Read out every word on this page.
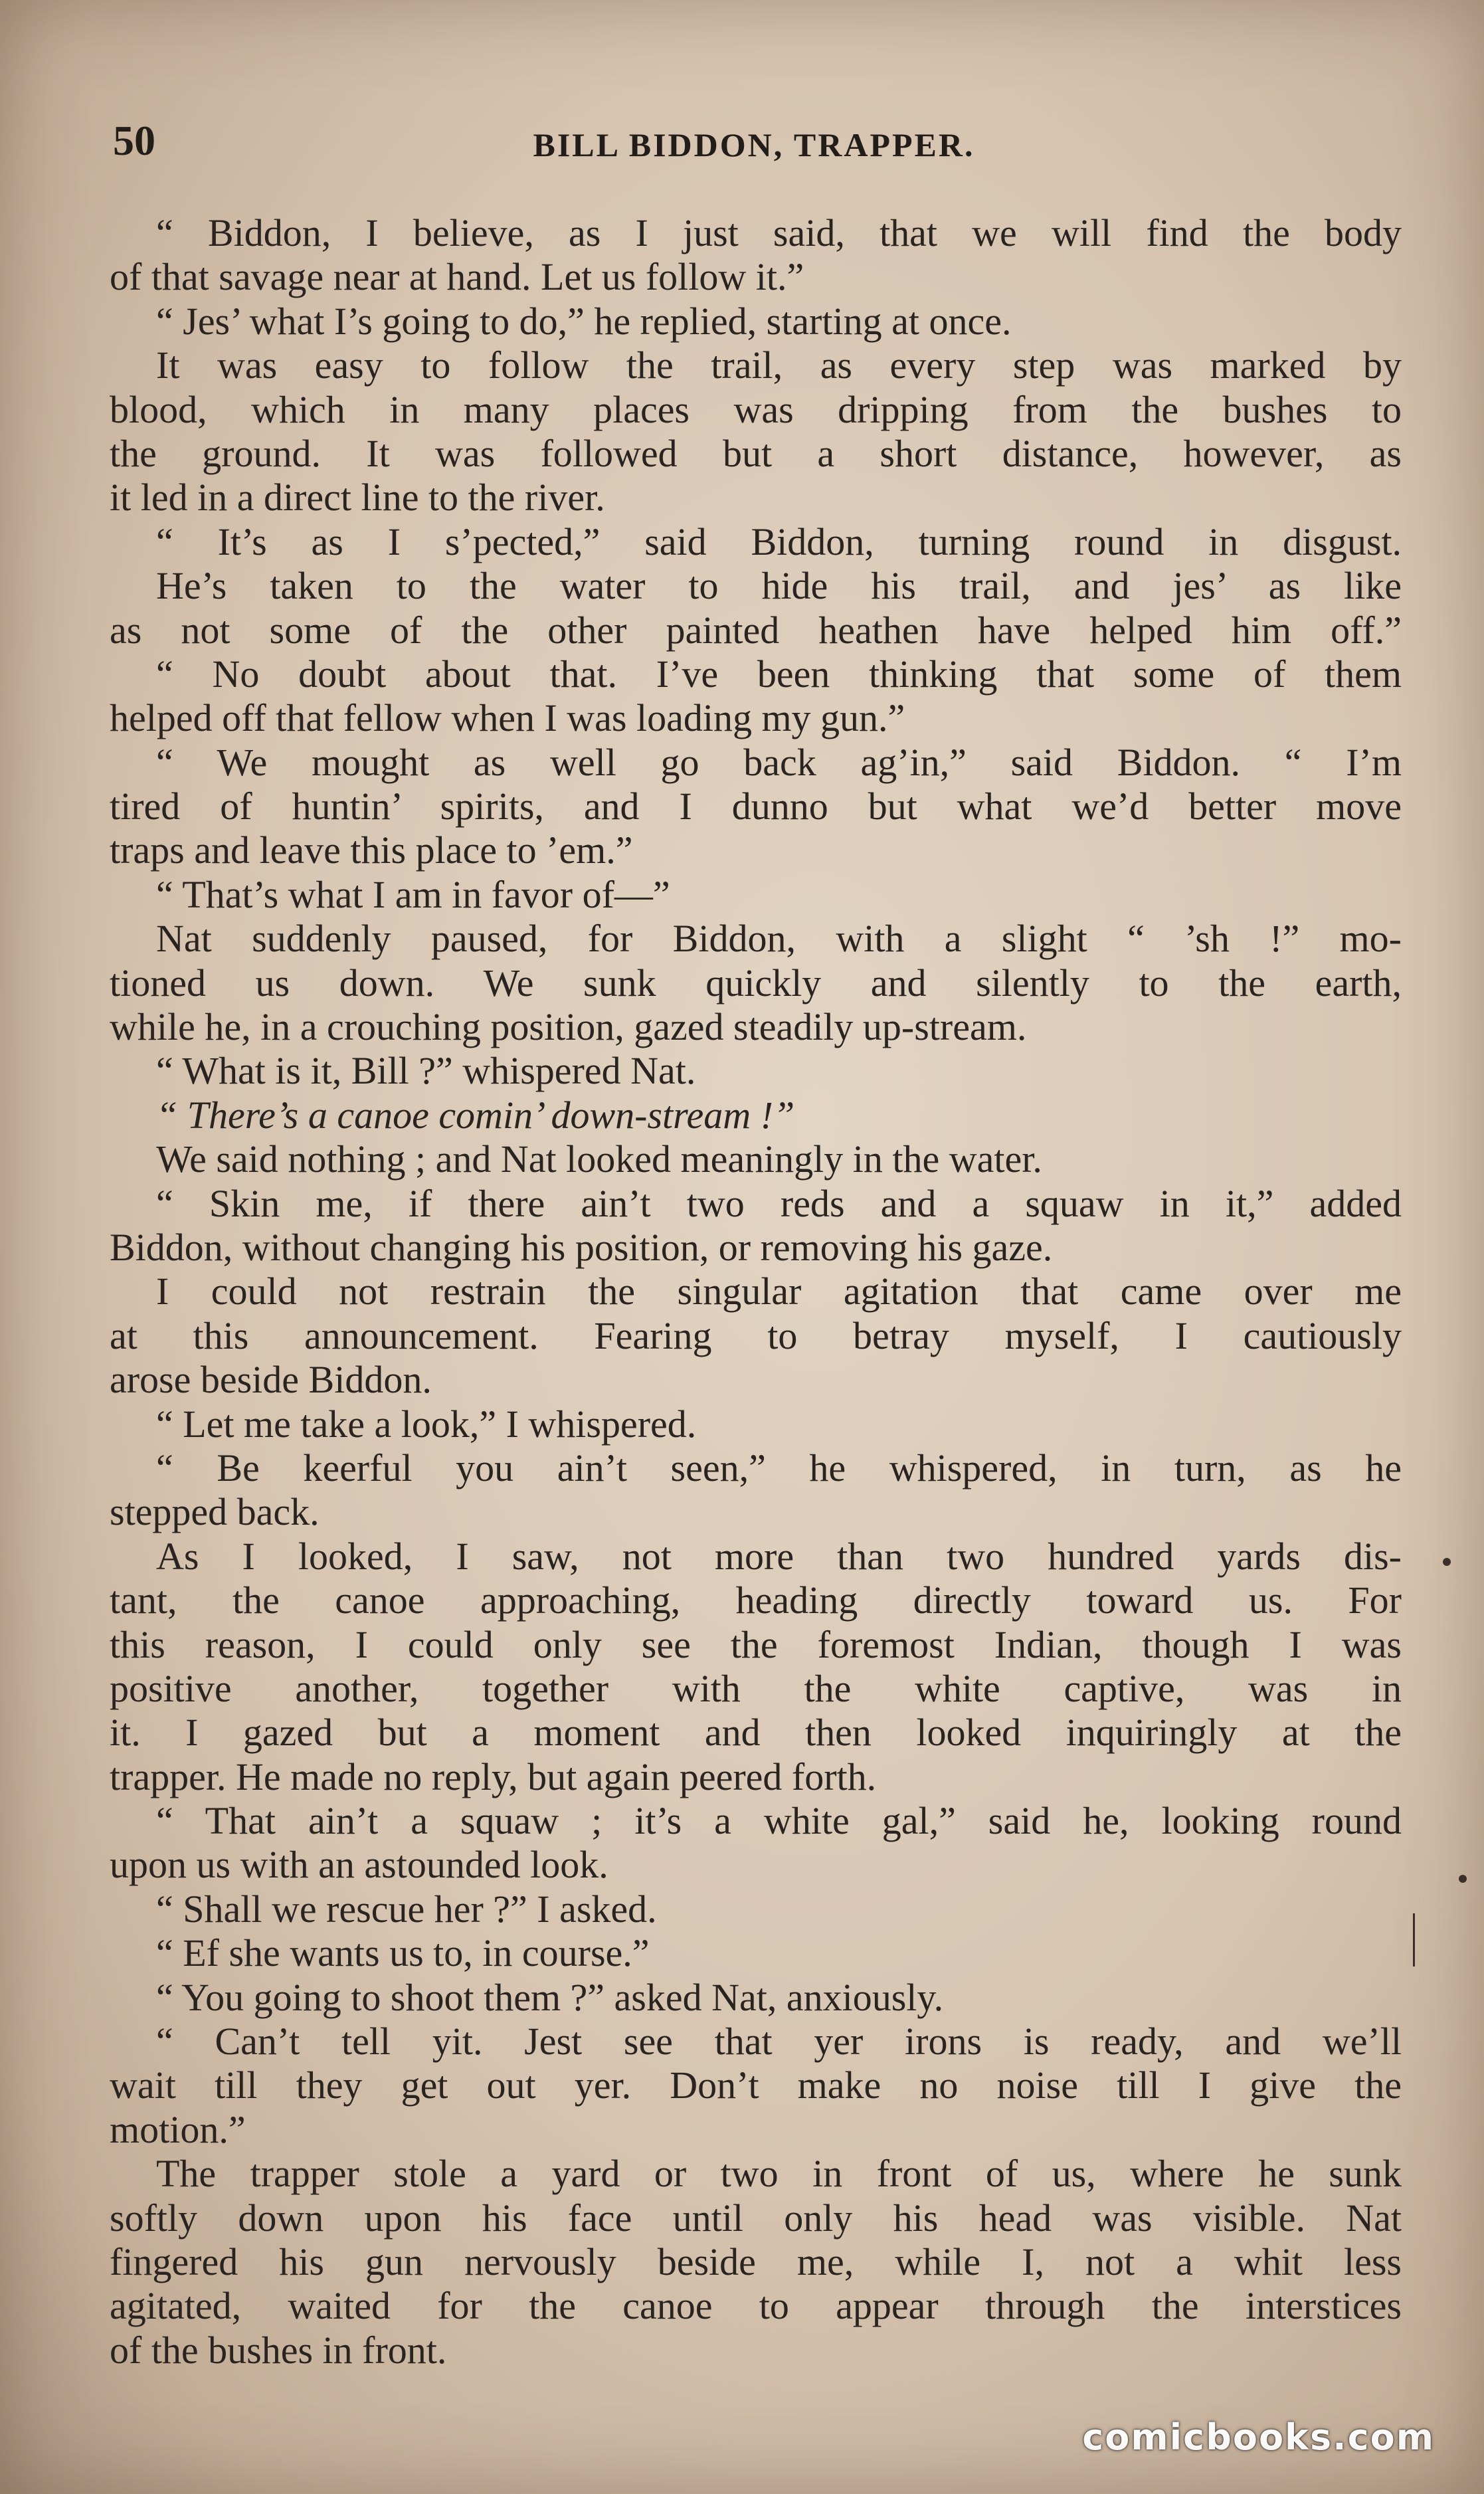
50	BILL BIDDON, TRAPPER.
“ Biddon, I believe, as I just said, that we will find the body
of that savage near at hand. Let us follow it.”
“ Jes’ what I’s going to do,” he replied, starting at once.
It was easy to follow the trail, as every step was marked by
blood, which in many places was dripping from the bushes to
the ground. It was followed but a short distance, however, as
it led in a direct line to the river.
“ It’s as I s’pected,” said Biddon, turning round in disgust.
He’s taken to the water to hide his trail, and jes’ as like
as not some of the other painted heathen have helped him off.”
“ No doubt about that. I’ve been thinking that some of them
helped off that fellow when I was loading my gun.”
“ We mought as well go back ag’in,” said Biddon. “ I’m
tired of huntin’ spirits, and I dunno but what we’d better move
traps and leave this place to ’em.”
“ That’s what I am in favor of—”
Nat suddenly paused, for Biddon, with a slight “ ’sh !” mo-
tioned us down. We sunk quickly and silently to the earth,
while he, in a crouching position, gazed steadily up-stream.
“ What is it, Bill ?” whispered Nat.
“ There’s a canoe comin’ down-stream !”
We said nothing ; and Nat looked meaningly in the water.
“ Skin me, if there ain’t two reds and a squaw in it,” added
Biddon, without changing his position, or removing his gaze.
I could not restrain the singular agitation that came over me
at this announcement. Fearing to betray myself, I cautiously
arose beside Biddon.
“ Let me take a look,” I whispered.
“ Be keerful you ain’t seen,” he whispered, in turn, as he
stepped back.
As I looked, I saw, not more than two hundred yards dis-
tant, the canoe approaching, heading directly toward us. For
this reason, I could only see the foremost Indian, though I was
positive another, together with the white captive, was in
it. I gazed but a moment and then looked inquiringly at the
trapper. He made no reply, but again peered forth.
“ That ain’t a squaw ; it’s a white gal,” said he, looking round
upon us with an astounded look.
“ Shall we rescue her ?” I asked.
“ Ef she wants us to, in course.”
“ You going to shoot them ?” asked Nat, anxiously.
“ Can’t tell yit. Jest see that yer irons is ready, and we’ll
wait till they get out yer. Don’t make no noise till I give the
motion.”
The trapper stole a yard or two in front of us, where he sunk
softly down upon his face until only his head was visible. Nat
fingered his gun nervously beside me, while I, not a whit less
agitated, waited for the canoe to appear through the interstices
of the bushes in front.
comicbooks.com
